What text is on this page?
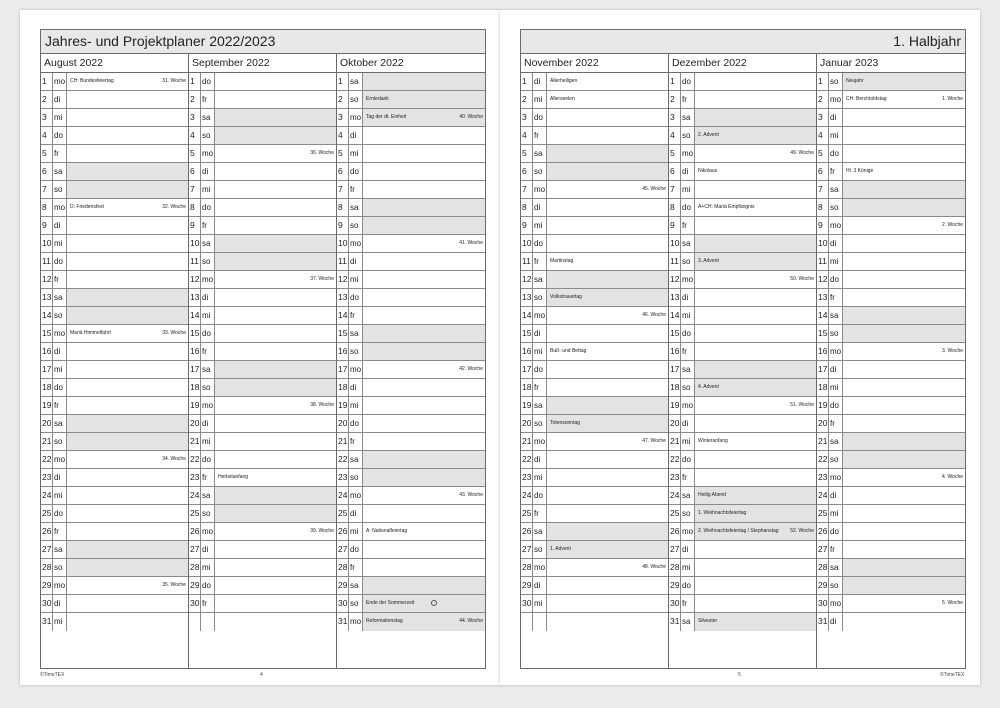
Jahres- und Projektplaner 2022/2023
August 2022
1 mo CH: Bundesfeiertag	31. Woche
2 di
3 mi
4 do
5 fr
6 sa
7 so
8 mo D: Friedensfest	32. Woche
9 di
10 mi
11 do
12 fr
13 sa
14 so
15 mo Mariä Himmelfahrt	33. Woche
16 di
17 mi
18 do
19 fr
20 sa
21 so
22 mo	34. Woche
23 di
24 mi
25 do
26 fr
27 sa
28 so
29 mo	35. Woche
30 di
31 mi
September 2022
1 do
2 fr
3 sa
4 so
5 mo	36. Woche
6 di
7 mi
8 do
9 fr
10 sa
11 so
12 mo	37. Woche
13 di
14 mi
15 do
16 fr
17 sa
18 so
19 mo	38. Woche
20 di
21 mi
22 do
23 fr	Herbstanfang
24 sa
25 so
26 mo	39. Woche
27 di
28 mi
29 do
30 fr
Oktober 2022
1 sa
2 so	Erntedank
3 mo Tag der dt. Einheit	40. Woche
4 di
5 mi
6 do
7 fr
8 sa
9 so
10 mo	41. Woche
11 di
12 mi
13 do
14 fr
15 sa
16 so
17 mo	42. Woche
18 di
19 mi
20 do
21 fr
22 sa
23 so
24 mo	43. Woche
25 di
26 mi	A: Nationalfeiertag
27 do
28 fr
29 sa
30 so	Ende der Sommerzeit
31 mo Reformationstag	44. Woche
©TimeTEX	4
1. Halbjahr
November 2022
1 di	Allerheiligen
2 mi	Allerseelen
3 do
4 fr
5 sa
6 so
7 mo	45. Woche
8 di
9 mi
10 do
11 fr	Martinstag
12 sa
13 so	Volkstrauertag
14 mo	46. Woche
15 di
16 mi	Buß- und Bettag
17 do
18 fr
19 sa
20 so	Totensonntag
21 mo	47. Woche
22 di
23 mi
24 do
25 fr
26 sa
27 so	1. Advent
28 mo	48. Woche
29 di
30 mi
Dezember 2022
1 do
2 fr
3 sa
4 so	2. Advent
5 mo	49. Woche
6 di	Nikolaus
7 mi
8 do	A+CH: Mariä Empfängnis
9 fr
10 sa
11 so	3. Advent
12 mo	50. Woche
13 di
14 mi
15 do
16 fr
17 sa
18 so	4. Advent
19 mo	51. Woche
20 di
21 mi	Winteranfang
22 do
23 fr
24 sa	Heilig Abend
25 so	1. Weihnachtsfeiertag
26 mo 2. Weihnachtsfeiertag / Stephanstag 52. Woche
27 di
28 mi
29 do
30 fr
31 sa	Silvester
Januar 2023
1 so	Neujahr
2 mo CH: Berchtoldstag	1. Woche
3 di
4 mi
5 do
6 fr	Hl. 3 Könige
7 sa
8 so
9 mo	2. Woche
10 di
11 mi
12 do
13 fr
14 sa
15 so
16 mo	3. Woche
17 di
18 mi
19 do
20 fr
21 sa
22 so
23 mo	4. Woche
24 di
25 mi
26 do
27 fr
28 sa
29 so
30 mo	5. Woche
31 di
5	©TimeTEX
